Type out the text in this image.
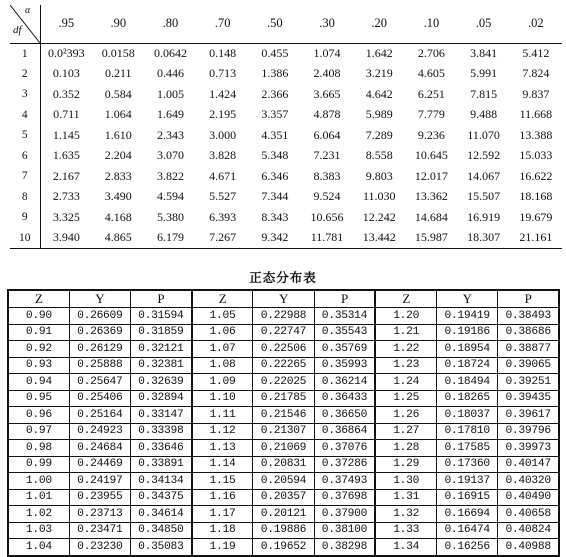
α
df	.95	.90	.80	.70	.50	.30	.20	.10	.05	.02
1	0.0²393	0.0158	0.0642	0.148	0.455	1.074	1.642	2.706	3.841	5.412
2	0.103	0.211	0.446	0.713	1.386	2.408	3.219	4.605	5.991	7.824
3	0.352	0.584	1.005	1.424	2.366	3.665	4.642	6.251	7.815	9.837
4	0.711	1.064	1.649	2.195	3.357	4.878	5.989	7.779	9.488	11.668
5	1.145	1.610	2.343	3.000	4.351	6.064	7.289	9.236	11.070	13.388
6	1.635	2.204	3.070	3.828	5.348	7.231	8.558	10.645	12.592	15.033
7	2.167	2.833	3.822	4.671	6.346	8.383	9.803	12.017	14.067	16.622
8	2.733	3.490	4.594	5.527	7.344	9.524	11.030	13.362	15.507	18.168
9	3.325	4.168	5.380	6.393	8.343	10.656	12.242	14.684	16.919	19.679
10	3.940	4.865	6.179	7.267	9.342	11.781	13.442	15.987	18.307	21.161
正态分布表
Z	Y	P	Z	Y	P	Z	Y	P
0.90	0.26609	0.31594	1.05	0.22988	0.35314	1.20	0.19419	0.38493
0.91	0.26369	0.31859	1.06	0.22747	0.35543	1.21	0.19186	0.38686
0.92	0.26129	0.32121	1.07	0.22506	0.35769	1.22	0.18954	0.38877
0.93	0.25888	0.32381	1.08	0.22265	0.35993	1.23	0.18724	0.39065
0.94	0.25647	0.32639	1.09	0.22025	0.36214	1.24	0.18494	0.39251
0.95	0.25406	0.32894	1.10	0.21785	0.36433	1.25	0.18265	0.39435
0.96	0.25164	0.33147	1.11	0.21546	0.36650	1.26	0.18037	0.39617
0.97	0.24923	0.33398	1.12	0.21307	0.36864	1.27	0.17810	0.39796
0.98	0.24684	0.33646	1.13	0.21069	0.37076	1.28	0.17585	0.39973
0.99	0.24469	0.33891	1.14	0.20831	0.37286	1.29	0.17360	0.40147
1.00	0.24197	0.34134	1.15	0.20594	0.37493	1.30	0.19137	0.40320
1.01	0.23955	0.34375	1.16	0.20357	0.37698	1.31	0.16915	0.40490
1.02	0.23713	0.34614	1.17	0.20121	0.37900	1.32	0.16694	0.40658
1.03	0.23471	0.34850	1.18	0.19886	0.38100	1.33	0.16474	0.40824
1.04	0.23230	0.35083	1.19	0.19652	0.38298	1.34	0.16256	0.40988
